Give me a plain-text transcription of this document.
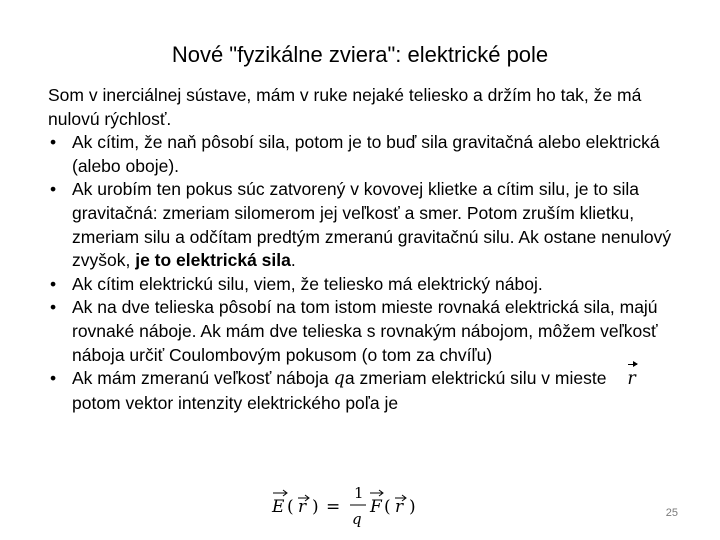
Nové "fyzikálne zviera": elektrické pole

Som v inerciálnej sústave, mám v ruke nejaké teliesko a držím ho tak, že má nulovú rýchlosť.

• Ak cítim, že naň pôsobí sila, potom je to buď sila gravitačná alebo elektrická (alebo oboje).
• Ak urobím ten pokus súc zatvorený v kovovej klietke a cítim silu, je to sila gravitačná: zmeriam silomerom jej veľkosť a smer. Potom zruším klietku, zmeriam silu a odčítam predtým zmeranú gravitačnú silu. Ak ostane nenulový zvyšok, je to elektrická sila.
• Ak cítim elektrickú silu, viem, že teliesko má elektrický náboj.
• Ak na dve telieska pôsobí na tom istom mieste rovnaká elektrická sila, majú rovnaké náboje. Ak mám dve telieska s rovnakým nábojom, môžem veľkosť náboja určiť Coulombovým pokusom (o tom za chvíľu)
• Ak mám zmeranú veľkosť náboja qa zmeriam elektrickú silu v mieste r potom vektor intenzity elektrického poľa je
E ( r ) =
1
q
F ( r )	25
